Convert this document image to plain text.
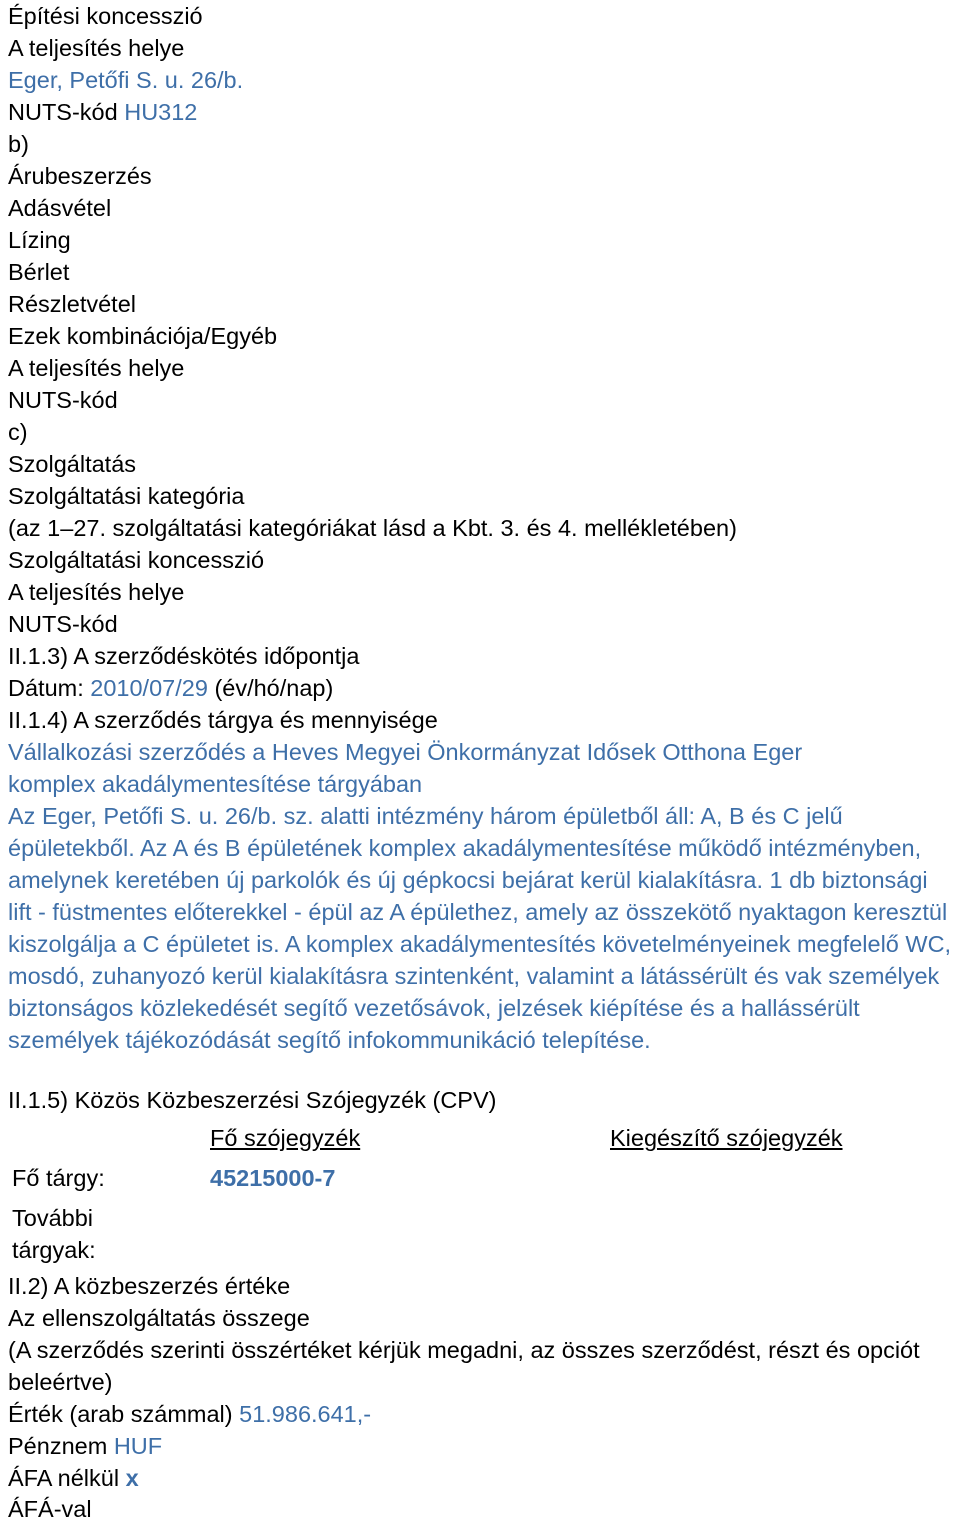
Építési koncesszió
A teljesítés helye
Eger, Petőfi S. u. 26/b.
NUTS-kód HU312
b)
Árubeszerzés
Adásvétel
Lízing
Bérlet
Részletvétel
Ezek kombinációja/Egyéb
A teljesítés helye
NUTS-kód
c)
Szolgáltatás
Szolgáltatási kategória
(az 1–27. szolgáltatási kategóriákat lásd a Kbt. 3. és 4. mellékletében)
Szolgáltatási koncesszió
A teljesítés helye
NUTS-kód
II.1.3) A szerződéskötés időpontja
Dátum: 2010/07/29 (év/hó/nap)
II.1.4) A szerződés tárgya és mennyisége
Vállalkozási szerződés a Heves Megyei Önkormányzat Idősek Otthona Eger
komplex akadálymentesítése tárgyában
Az Eger, Petőfi S. u. 26/b. sz. alatti intézmény három épületből áll: A, B és C jelű épületekből. Az A és B épületének komplex akadálymentesítése működő intézményben, amelynek keretében új parkolók és új gépkocsi bejárat kerül kialakításra. 1 db biztonsági lift - füstmentes előterekkel - épül az A épülethez, amely az összekötő nyaktagon keresztül kiszolgálja a C épületet is. A komplex akadálymentesítés követelményeinek megfelelő WC, mosdó, zuhanyozó kerül kialakításra szintenként, valamint a látássérült és vak személyek biztonságos közlekedését segítő vezetősávok, jelzések kiépítése és a hallássérült személyek tájékozódását segítő infokommunikáció telepítése.
II.1.5) Közös Közbeszerzési Szójegyzék (CPV)
Fő szójegyzék	Kiegészítő szójegyzék
Fő tárgy:	45215000-7
További
tárgyak:
II.2) A közbeszerzés értéke
Az ellenszolgáltatás összege
(A szerződés szerinti összértéket kérjük megadni, az összes szerződést, részt és opciót beleértve)
Érték (arab számmal) 51.986.641,-
Pénznem HUF
ÁFA nélkül x
ÁFÁ-val
